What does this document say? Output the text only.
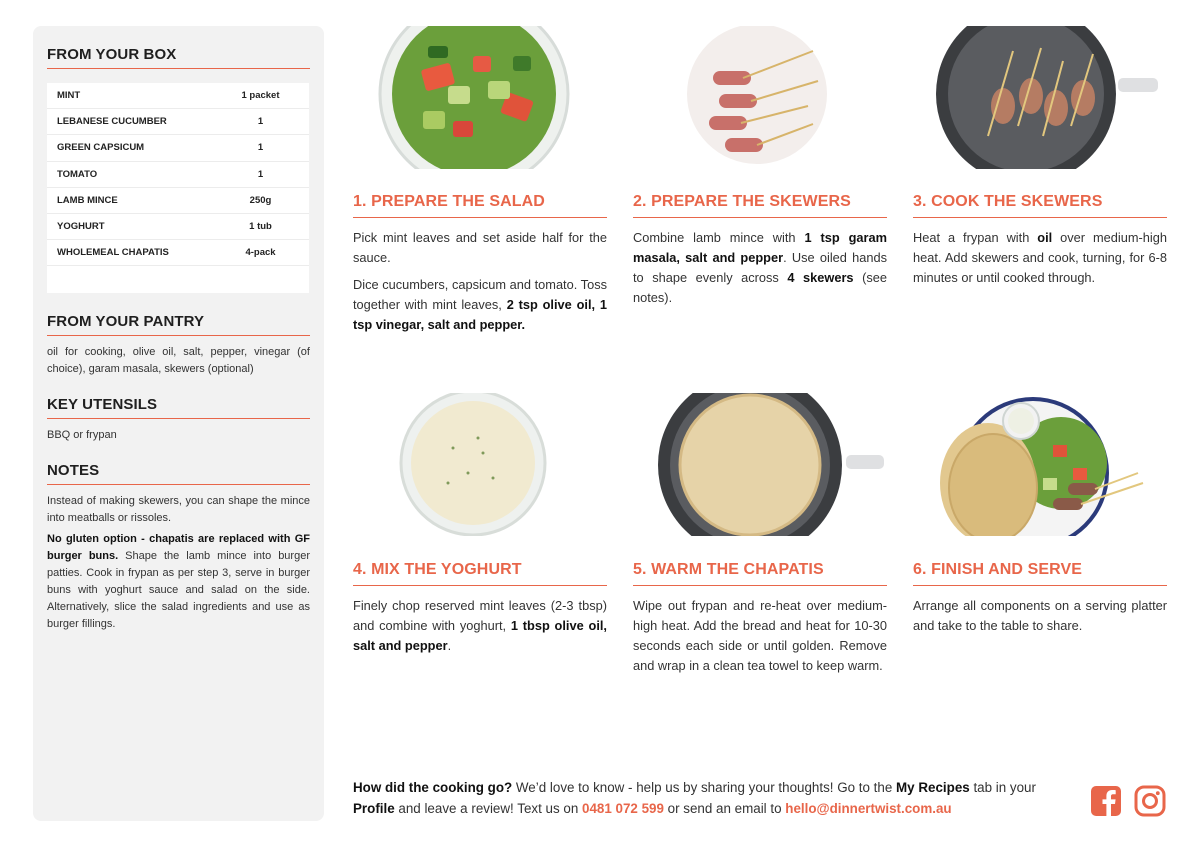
FROM YOUR BOX
MINT	1 packet
LEBANESE CUCUMBER	1
GREEN CAPSICUM	1
TOMATO	1
LAMB MINCE	250g
YOGHURT	1 tub
WHOLEMEAL CHAPATIS	4-pack
FROM YOUR PANTRY
oil for cooking, olive oil, salt, pepper, vinegar (of choice), garam masala, skewers (optional)
KEY UTENSILS
BBQ or frypan
NOTES
Instead of making skewers, you can shape the mince into meatballs or rissoles.
No gluten option - chapatis are replaced with GF burger buns. Shape the lamb mince into burger patties. Cook in frypan as per step 3, serve in burger buns with yoghurt sauce and salad on the side. Alternatively, slice the salad ingredients and use as burger fillings.
1. PREPARE THE SALAD	2. PREPARE THE SKEWERS	3. COOK THE SKEWERS
4. MIX THE YOGHURT	5. WARM THE CHAPATIS	6. FINISH AND SERVE

Pick mint leaves and set aside half for the sauce.

Dice cucumbers, capsicum and tomato. Toss together with mint leaves, 2 tsp olive oil, 1 tsp vinegar, salt and pepper.

Combine lamb mince with 1 tsp garam masala, salt and pepper. Use oiled hands to shape evenly across 4 skewers (see notes).

Heat a frypan with oil over medium-high heat. Add skewers and cook, turning, for 6-8 minutes or until cooked through.

Finely chop reserved mint leaves (2-3 tbsp) and combine with yoghurt, 1 tbsp olive oil, salt and pepper.

Wipe out frypan and re-heat over medium-high heat. Add the bread and heat for 10-30 seconds each side or until golden. Remove and wrap in a clean tea towel to keep warm.

Arrange all components on a serving platter and take to the table to share.

How did the cooking go? We’d love to know - help us by sharing your thoughts! Go to the My Recipes tab in your Profile and leave a review! Text us on 0481 072 599 or send an email to hello@dinnertwist.com.au
